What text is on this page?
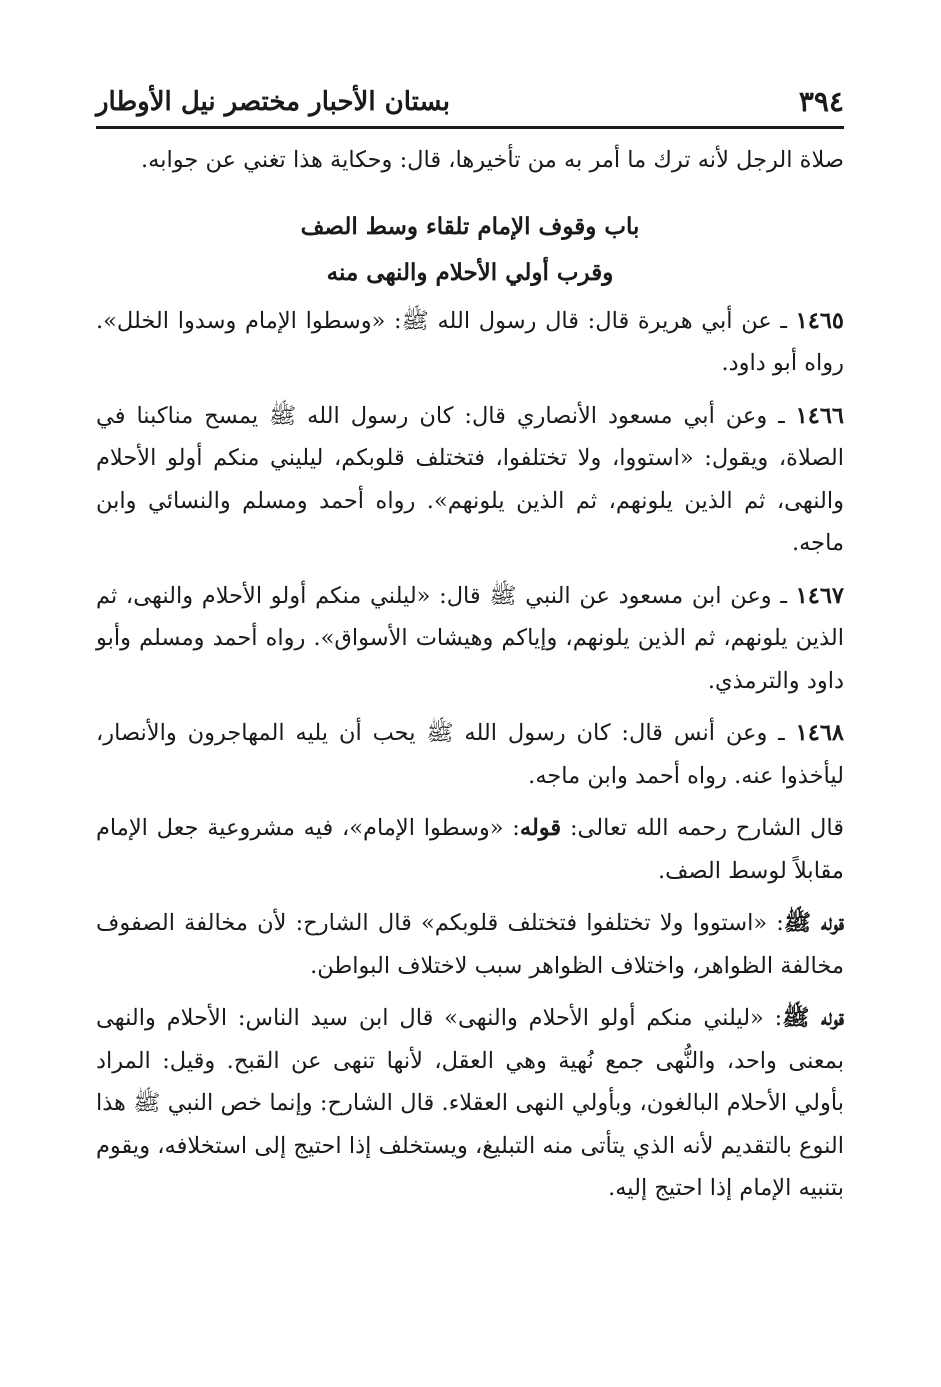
٣٩٤
بستان الأحبار مختصر نيل الأوطار

صلاة الرجل لأنه ترك ما أمر به من تأخيرها، قال: وحكاية هذا تغني عن جوابه.

باب وقوف الإمام تلقاء وسط الصف
وقرب أولي الأحلام والنهى منه

١٤٦٥ ـ عن أبي هريرة قال: قال رسول الله ﷺ: «وسطوا الإمام وسدوا الخلل». رواه أبو داود.

١٤٦٦ ـ وعن أبي مسعود الأنصاري قال: كان رسول الله ﷺ يمسح مناكبنا في الصلاة، ويقول: «استووا، ولا تختلفوا، فتختلف قلوبكم، ليليني منكم أولو الأحلام والنهى، ثم الذين يلونهم، ثم الذين يلونهم». رواه أحمد ومسلم والنسائي وابن ماجه.

١٤٦٧ ـ وعن ابن مسعود عن النبي ﷺ قال: «ليلني منكم أولو الأحلام والنهى، ثم الذين يلونهم، ثم الذين يلونهم، وإياكم وهيشات الأسواق». رواه أحمد ومسلم وأبو داود والترمذي.

١٤٦٨ ـ وعن أنس قال: كان رسول الله ﷺ يحب أن يليه المهاجرون والأنصار، ليأخذوا عنه. رواه أحمد وابن ماجه.

قال الشارح رحمه الله تعالى: قوله: «وسطوا الإمام»، فيه مشروعية جعل الإمام مقابلاً لوسط الصف.

قوله ﷺ: «استووا ولا تختلفوا فتختلف قلوبكم» قال الشارح: لأن مخالفة الصفوف مخالفة الظواهر، واختلاف الظواهر سبب لاختلاف البواطن.

قوله ﷺ: «ليلني منكم أولو الأحلام والنهى» قال ابن سيد الناس: الأحلام والنهى بمعنى واحد، والنُّهى جمع نُهية وهي العقل، لأنها تنهى عن القبح. وقيل: المراد بأولي الأحلام البالغون، وبأولي النهى العقلاء. قال الشارح: وإنما خص النبي ﷺ هذا النوع بالتقديم لأنه الذي يتأتى منه التبليغ، ويستخلف إذا احتيج إلى استخلافه، ويقوم بتنبيه الإمام إذا احتيج إليه.
